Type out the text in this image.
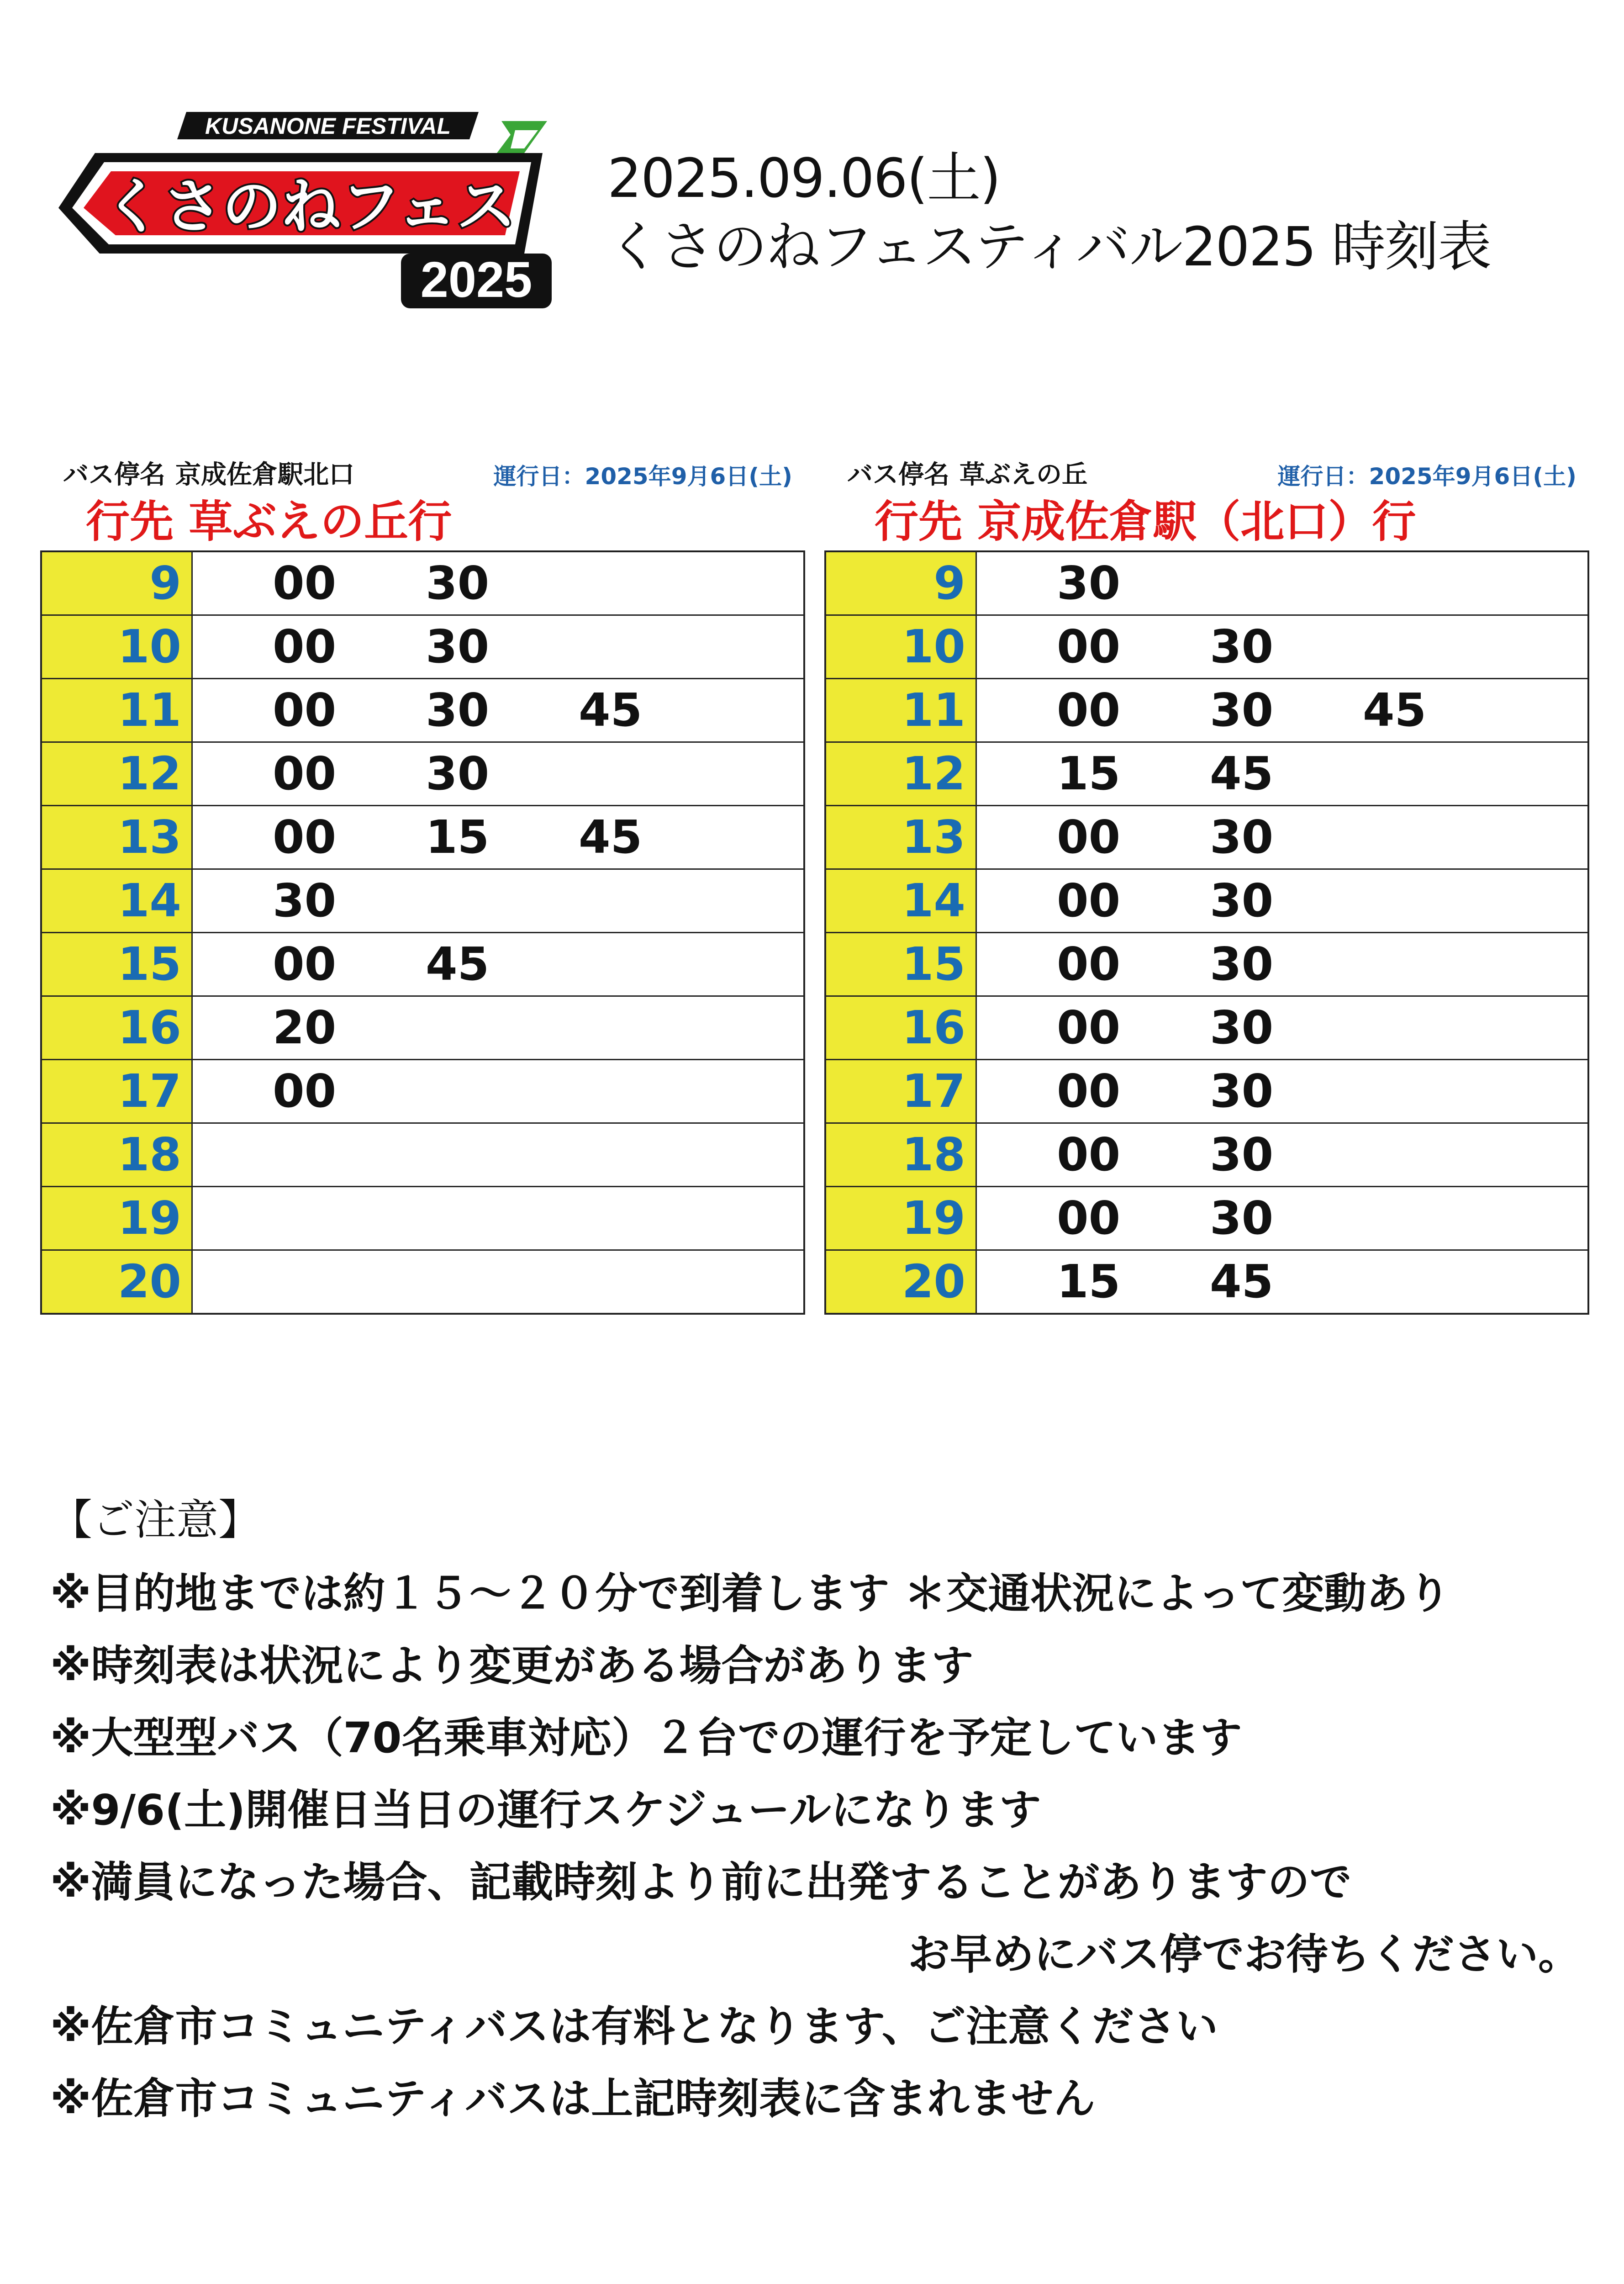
KUSANONE FESTIVAL
くさのねフェス
2025
2025.09.06(土)
くさのねフェスティバル2025 時刻表
バス停名 京成佐倉駅北口	運行日：2025年9月6日(土)
行先 草ぶえの丘行
9 00	30
10 00	30
11 00	30	45
12 00	30
13 00	15	45
14 30
15 00	45
16 20
17 00
18
19
20
バス停名 草ぶえの丘	運行日：2025年9月6日(土)
行先 京成佐倉駅（北口）行
9 30
10 00	30
11 00	30	45
12 15	45
13 00	30
14 00	30
15 00	30
16 00	30
17 00	30
18 00	30
19 00	30
20 15	45
【ご注意】
※目的地までは約１５～２０分で到着します ＊交通状況によって変動あり
※時刻表は状況により変更がある場合があります
※大型型バス（70名乗車対応）２台での運行を予定しています
※9/6(土)開催日当日の運行スケジュールになります
※満員になった場合、記載時刻より前に出発することがありますので
お早めにバス停でお待ちください。
※佐倉市コミュニティバスは有料となります、ご注意ください
※佐倉市コミュニティバスは上記時刻表に含まれません
